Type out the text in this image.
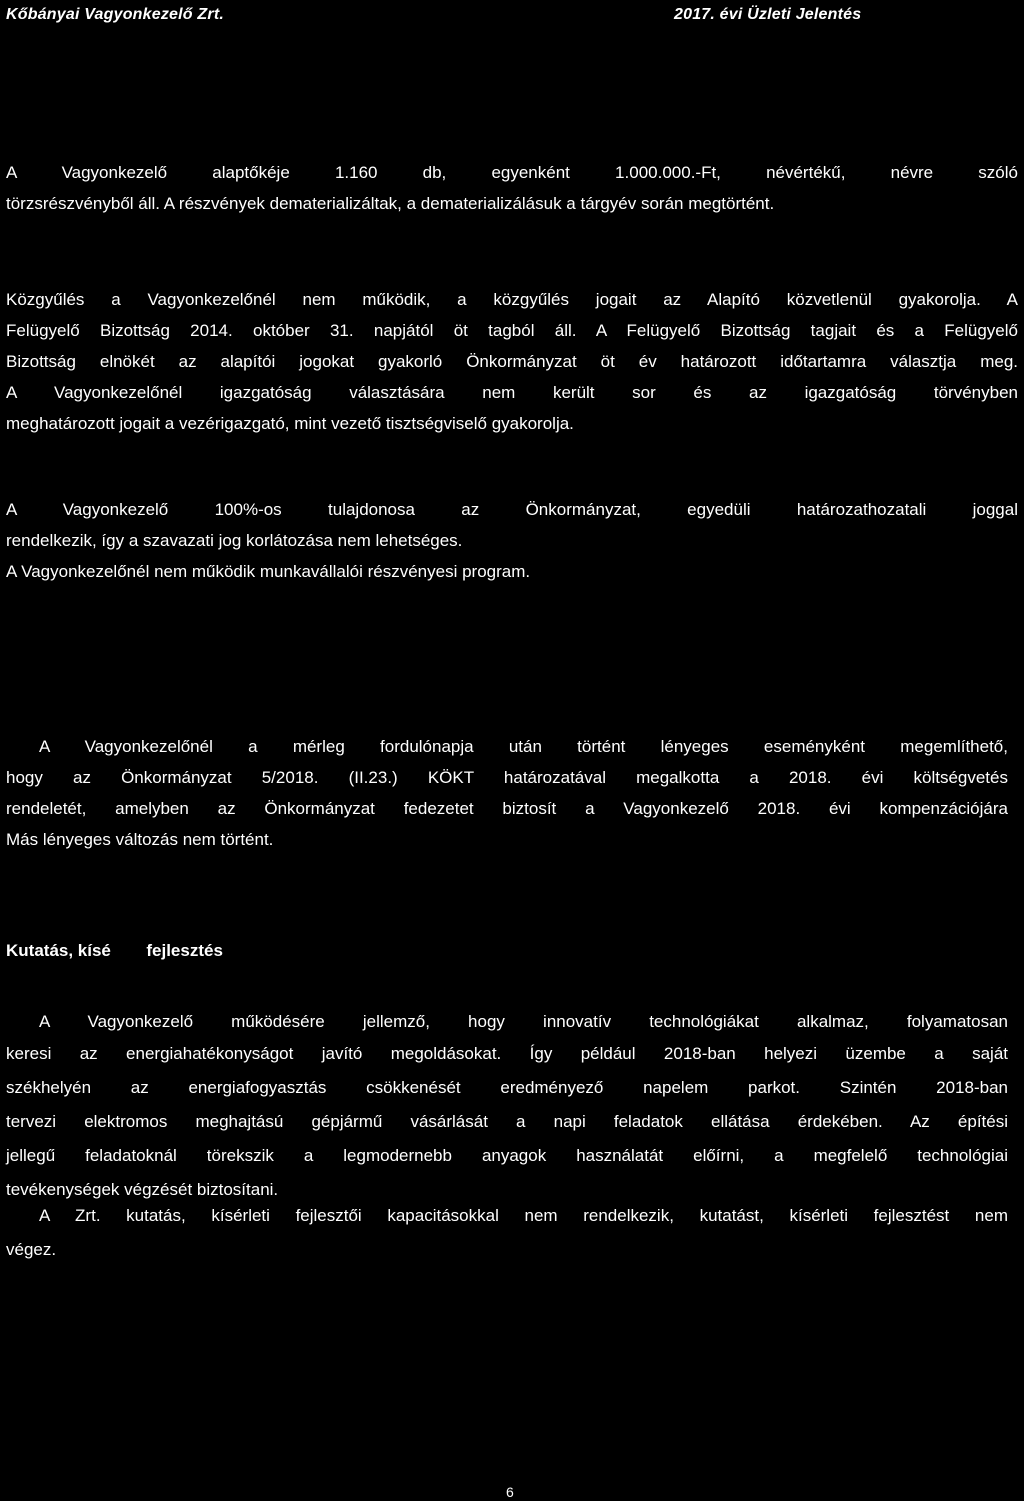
Kőbányai Vagyonkezelő Zrt.	2017. évi Üzleti Jelentés
A Vagyonkezelő alaptőkéje 1.160 db, egyenként 1.000.000.-Ft, névértékű, névre szóló
törzsrészvényből áll. A részvények dematerializáltak, a dematerializálásuk a tárgyév során megtörtént.
Közgyűlés a Vagyonkezelőnél nem működik, a közgyűlés jogait az Alapító közvetlenül gyakorolja. A
Felügyelő Bizottság 2014. október 31. napjától öt tagból áll. A Felügyelő Bizottság tagjait és a Felügyelő
Bizottság elnökét az alapítói jogokat gyakorló Önkormányzat öt év határozott időtartamra választja meg.
A Vagyonkezelőnél igazgatóság választására nem került sor és az igazgatóság törvényben
meghatározott jogait a vezérigazgató, mint vezető tisztségviselő gyakorolja.
A Vagyonkezelő 100%-os tulajdonosa az Önkormányzat, egyedüli határozathozatali joggal
rendelkezik, így a szavazati jog korlátozása nem lehetséges.
A Vagyonkezelőnél nem működik munkavállalói részvényesi program.
A Vagyonkezelőnél a mérleg fordulónapja után történt lényeges eseményként megemlíthető,
hogy az Önkormányzat 5/2018. (II.23.) KÖKT határozatával megalkotta a 2018. évi költségvetés
rendeletét, amelyben az Önkormányzat fedezetet biztosít a Vagyonkezelő 2018. évi kompenzációjára
Más lényeges változás nem történt.
Kutatás, kísé fejlesztés
A Vagyonkezelő működésére jellemző, hogy innovatív technológiákat alkalmaz, folyamatosan
keresi az energiahatékonyságot javító megoldásokat. Így például 2018-ban helyezi üzembe a saját
székhelyén az energiafogyasztás csökkenését eredményező napelem parkot. Szintén 2018-ban
tervezi elektromos meghajtású gépjármű vásárlását a napi feladatok ellátása érdekében. Az építési
jellegű feladatoknál törekszik a legmodernebb anyagok használatát előírni, a megfelelő technológiai
tevékenységek végzését biztosítani.
A Zrt. kutatás, kísérleti fejlesztői kapacitásokkal nem rendelkezik, kutatást, kísérleti fejlesztést nem
végez.
6
